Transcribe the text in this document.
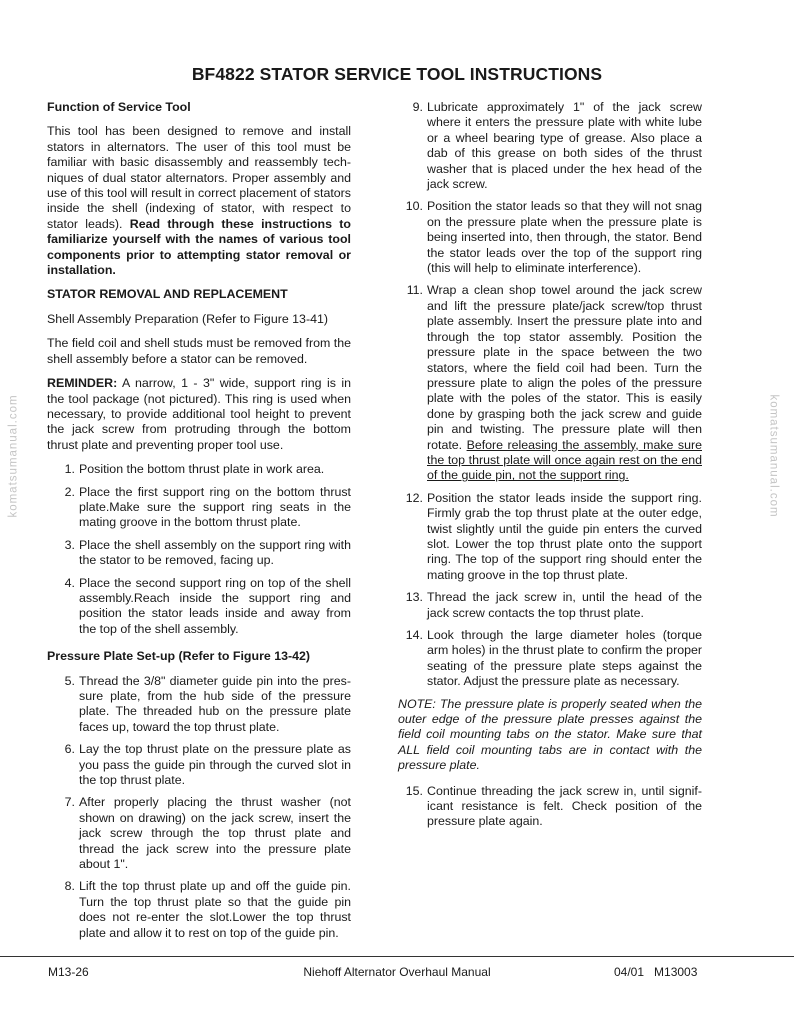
BF4822 STATOR SERVICE TOOL INSTRUCTIONS

Function of Service Tool

This tool has been designed to remove and install stators in alternators. The user of this tool must be familiar with basic disassembly and reassembly techniques of dual stator alternators. Proper assembly and use of this tool will result in correct placement of stators inside the shell (indexing of stator, with respect to stator leads). Read through these instructions to familiarize yourself with the names of various tool components prior to attempting stator removal or installation.

STATOR REMOVAL AND REPLACEMENT

Shell Assembly Preparation (Refer to Figure 13-41)

The field coil and shell studs must be removed from the shell assembly before a stator can be removed.

REMINDER: A narrow, 1 - 3" wide, support ring is in the tool package (not pictured). This ring is used when necessary, to provide additional tool height to prevent the jack screw from protruding through the bottom thrust plate and preventing proper tool use.

1. Position the bottom thrust plate in work area.
2. Place the first support ring on the bottom thrust plate.Make sure the support ring seats in the mating groove in the bottom thrust plate.
3. Place the shell assembly on the support ring with the stator to be removed, facing up.
4. Place the second support ring on top of the shell assembly.Reach inside the support ring and position the stator leads inside and away from the top of the shell assembly.

Pressure Plate Set-up (Refer to Figure 13-42)

5. Thread the 3/8" diameter guide pin into the pressure plate, from the hub side of the pressure plate. The threaded hub on the pressure plate faces up, toward the top thrust plate.
6. Lay the top thrust plate on the pressure plate as you pass the guide pin through the curved slot in the top thrust plate.
7. After properly placing the thrust washer (not shown on drawing) on the jack screw, insert the jack screw through the top thrust plate and thread the jack screw into the pressure plate about 1".
8. Lift the top thrust plate up and off the guide pin. Turn the top thrust plate so that the guide pin does not re-enter the slot.Lower the top thrust plate and allow it to rest on top of the guide pin.
9. Lubricate approximately 1" of the jack screw where it enters the pressure plate with white lube or a wheel bearing type of grease. Also place a dab of this grease on both sides of the thrust washer that is placed under the hex head of the jack screw.
10. Position the stator leads so that they will not snag on the pressure plate when the pressure plate is being inserted into, then through, the stator. Bend the stator leads over the top of the support ring (this will help to eliminate interference).
11. Wrap a clean shop towel around the jack screw and lift the pressure plate/jack screw/top thrust plate assembly. Insert the pressure plate into and through the top stator assembly. Position the pressure plate in the space between the two stators, where the field coil had been. Turn the pressure plate to align the poles of the pressure plate with the poles of the stator. This is easily done by grasping both the jack screw and guide pin and twisting. The pressure plate will then rotate. Before releasing the assembly, make sure the top thrust plate will once again rest on the end of the guide pin, not the support ring.
12. Position the stator leads inside the support ring. Firmly grab the top thrust plate at the outer edge, twist slightly until the guide pin enters the curved slot. Lower the top thrust plate onto the support ring. The top of the support ring should enter the mating groove in the top thrust plate.
13. Thread the jack screw in, until the head of the jack screw contacts the top thrust plate.
14. Look through the large diameter holes (torque arm holes) in the thrust plate to confirm the proper seating of the pressure plate steps against the stator. Adjust the pressure plate as necessary.

NOTE: The pressure plate is properly seated when the outer edge of the pressure plate presses against the field coil mounting tabs on the stator. Make sure that ALL field coil mounting tabs are in contact with the pressure plate.

15. Continue threading the jack screw in, until significant resistance is felt. Check position of the pressure plate again.
komatsumanual.com	komatsumanual.com
M13-26	Niehoff Alternator Overhaul Manual	04/01   M13003
